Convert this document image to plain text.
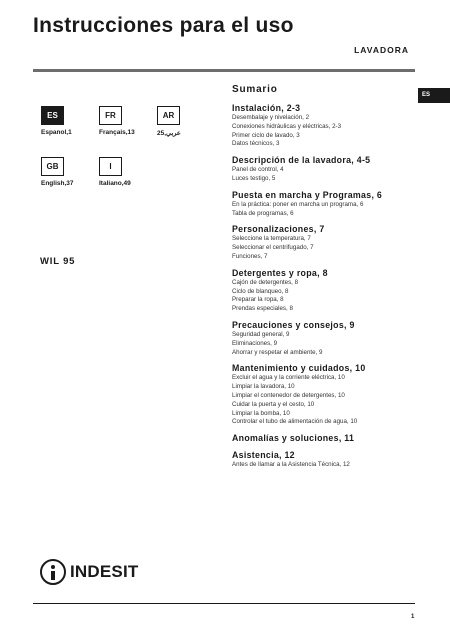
Instrucciones para el uso
LAVADORA
ES
ES
Espanol,1
FR
Français,13
AR
عربي,25
GB
English,37
I
Italiano,49
WIL 95
Sumario
Instalación, 2-3
Desembalaje y nivelación, 2
Conexiones hidráulicas y eléctricas, 2-3
Primer ciclo de lavado, 3
Datos técnicos, 3
Descripción de la lavadora, 4-5
Panel de control, 4
Luces testigo, 5
Puesta en marcha y Programas, 6
En la práctica: poner en marcha un programa, 6
Tabla de programas, 6
Personalizaciones, 7
Seleccione la temperatura, 7
Seleccionar el centrifugado, 7
Funciones, 7
Detergentes y ropa, 8
Cajón de detergentes, 8
Ciclo de blanqueo, 8
Preparar la ropa, 8
Prendas especiales, 8
Precauciones y consejos, 9
Seguridad general, 9
Eliminaciones, 9
Ahorrar y respetar el ambiente, 9
Mantenimiento y cuidados, 10
Excluir el agua y la corriente eléctrica, 10
Limpiar la lavadora, 10
Limpiar el contenedor de detergentes, 10
Cuidar la puerta y el cesto, 10
Limpiar la bomba, 10
Controlar el tubo de alimentación de agua, 10
Anomalías y soluciones, 11
Asistencia, 12
Antes de llamar a la Asistencia Técnica, 12
INDESIT
1
